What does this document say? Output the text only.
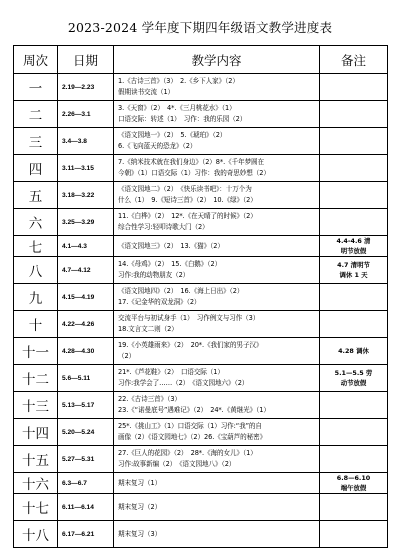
2023-2024 学年度下期四年级语文教学进度表
周次	日期	教学内容	备注
一	2.19—2.23	1.《古诗三首》（3）　2.《乡下人家》（2）
假期读书交流（1）	

二	2.26—3.1	3.《天窗》（2）　4*.《三月桃花水》（1）
口语交际：转述（1）　习作：我的乐园（2）	

三	3.4—3.8	《语文园地一》（2）　5.《琥珀》（2）
6.《飞向蓝天的恐龙》（2）	

四	3.11—3.15	7.《纳米技术就在我们身边》（2）8*.《千年梦圆在
今朝》（1）口语交际（1）习作：我的奇思妙想（2）	

五	3.18—3.22	《语文园地二》（2）　《快乐读书吧》：十万个为
什么（1）　9.《短诗三首》（2）　10.《绿》（2）	

六	3.25—3.29	11.《白桦》（2）　12*.《在天晴了的时候》（2）
综合性学习:轻叩诗歌大门（2）	

七	4.1—4.3	《语文园地三》（2）　13.《猫》（2）	4.4-4.6 清
明节放假

八	4.7—4.12	14.《母鸡》（2）　15.《白鹅》（2）
习作:我的动物朋友（2）	4.7 清明节
调休 1 天

九	4.15—4.19	《语文园地四》（2）　16.《海上日出》（2）
17.《记金华的双龙洞》（2）	

十	4.22—4.26	交流平台与初试身手（1）　习作例文与习作（3）
18.文言文二则（2）	

十一	4.28—4.30	19.《小英雄雨来》（2）　20*.《我们家的男子汉》
（2）	4.28 调休

十二	5.6—5.11	21*.《芦花鞋》（2）　口语交际（1）
习作:我学会了……（2）　《语文园地六》（2）	5.1—5.5 劳
动节放假

十三	5.13—5.17	22.《古诗三首》（3）
23.《“诺曼底号”遇难记》（2）　24*.《黄继光》（1）	

十四	5.20—5.24	25*.《挑山工》（1）口语交际（1）习作:“我”的自
画像（2）《语文园地七》（2）26.《宝葫芦的秘密》	

十五	5.27—5.31	27.《巨人的花园》（2）　28*.《海的女儿》（1）
习作:故事新编（2）　《语文园地八》（2）	

十六	6.3—6.7	期末复习（1）	6.8—6.10
端午放假

十七	6.11—6.14	期末复习（2）	

十八	6.17—6.21	期末复习（3）	
